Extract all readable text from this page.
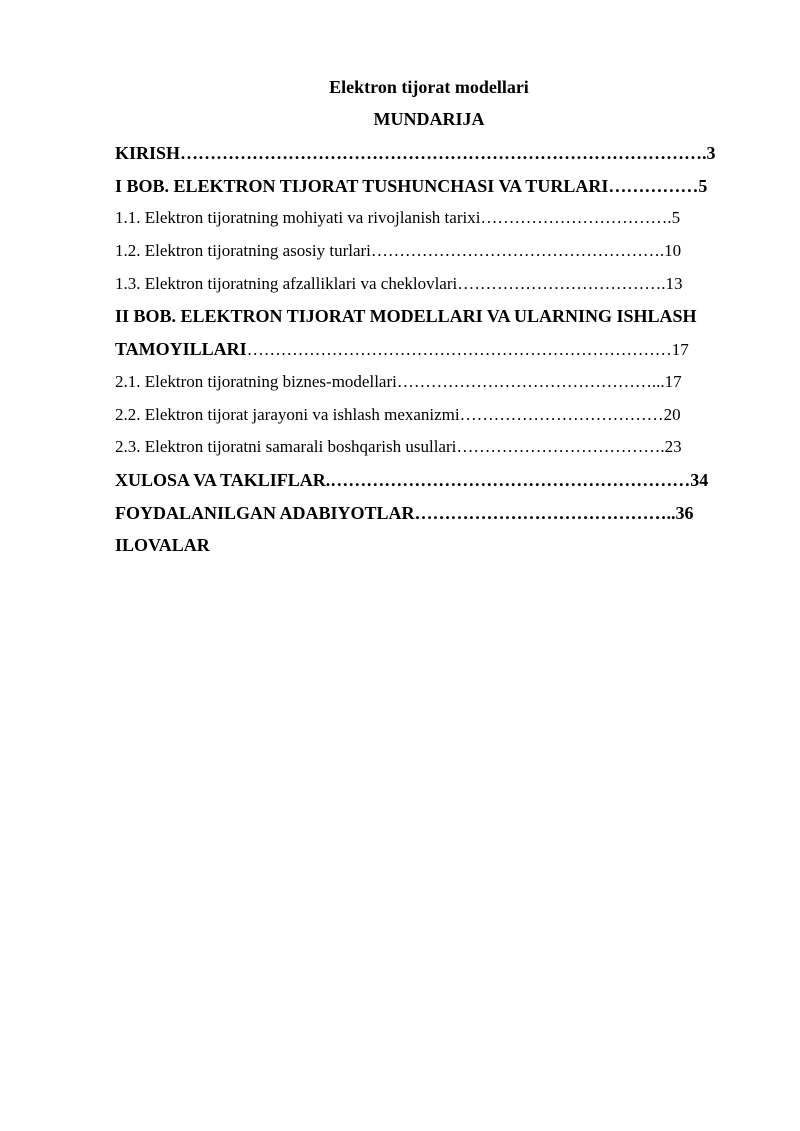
Elektron tijorat modellari
MUNDARIJA
KIRISH…………………………………………………………………………….3
I BOB. ELEKTRON TIJORAT TUSHUNCHASI VA TURLARI……………5
1.1. Elektron tijoratning mohiyati va rivojlanish tarixi…………………………….5
1.2. Elektron tijoratning asosiy turlari…………………………………………….10
1.3. Elektron tijoratning afzalliklari va cheklovlari……………………………….13
II BOB. ELEKTRON TIJORAT MODELLARI VA ULARNING ISHLASH
TAMOYILLARI…………………………………………………………………17
2.1. Elektron tijoratning biznes-modellari………………………………………...17
2.2. Elektron tijorat jarayoni va ishlash mexanizmi………………………………20
2.3. Elektron tijoratni samarali boshqarish usullari……………………………….23
XULOSA VA TAKLIFLAR.……………………………………………………34
FOYDALANILGAN ADABIYOTLAR……………………………………..36
ILOVALAR
